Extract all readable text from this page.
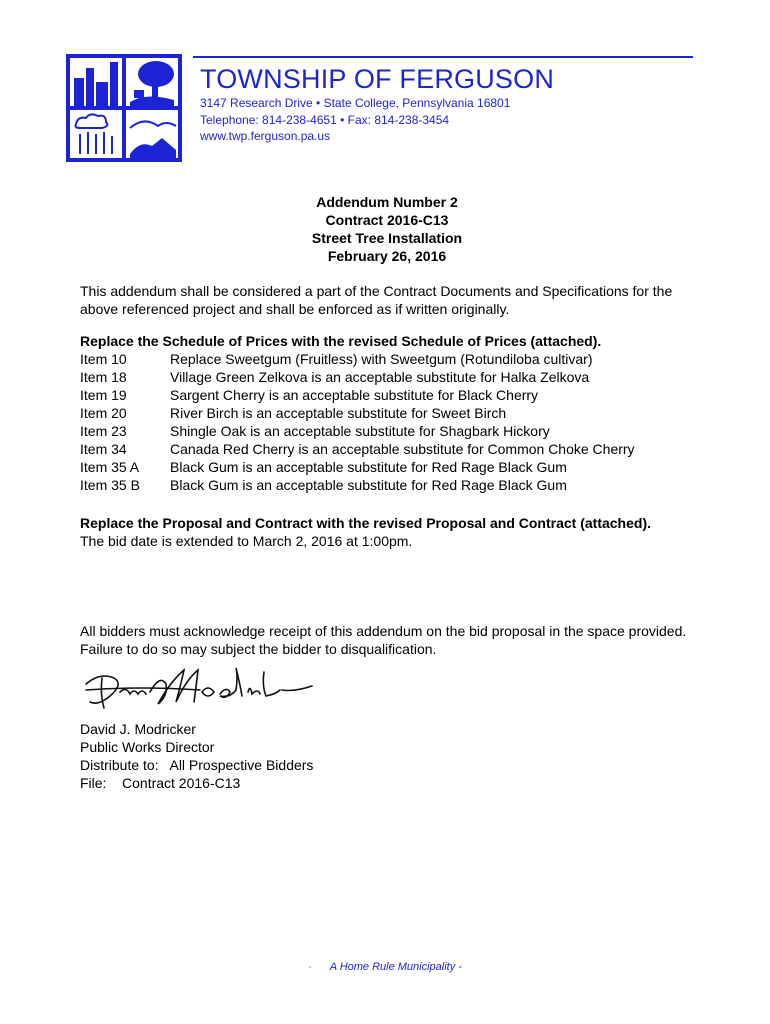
TOWNSHIP OF FERGUSON
3147 Research Drive • State College, Pennsylvania 16801
Telephone: 814-238-4651 • Fax: 814-238-3454
www.twp.ferguson.pa.us
Addendum Number 2
Contract 2016-C13
Street Tree Installation
February 26, 2016
This addendum shall be considered a part of the Contract Documents and Specifications for the above referenced project and shall be enforced as if written originally.
Replace the Schedule of Prices with the revised Schedule of Prices (attached).
Item 10	Replace Sweetgum (Fruitless) with Sweetgum (Rotundiloba cultivar)
Item 18	Village Green Zelkova is an acceptable substitute for Halka Zelkova
Item 19	Sargent Cherry is an acceptable substitute for Black Cherry
Item 20	River Birch is an acceptable substitute for Sweet Birch
Item 23	Shingle Oak is an acceptable substitute for Shagbark Hickory
Item 34	Canada Red Cherry is an acceptable substitute for Common Choke Cherry
Item 35 A	Black Gum is an acceptable substitute for Red Rage Black Gum
Item 35 B	Black Gum is an acceptable substitute for Red Rage Black Gum
Replace the Proposal and Contract with the revised Proposal and Contract (attached).
The bid date is extended to March 2, 2016 at 1:00pm.
All bidders must acknowledge receipt of this addendum on the bid proposal in the space provided. Failure to do so may subject the bidder to disqualification.
David J. Modricker
Public Works Director
Distribute to:   All Prospective Bidders
File:    Contract 2016-C13
- A Home Rule Municipality -
